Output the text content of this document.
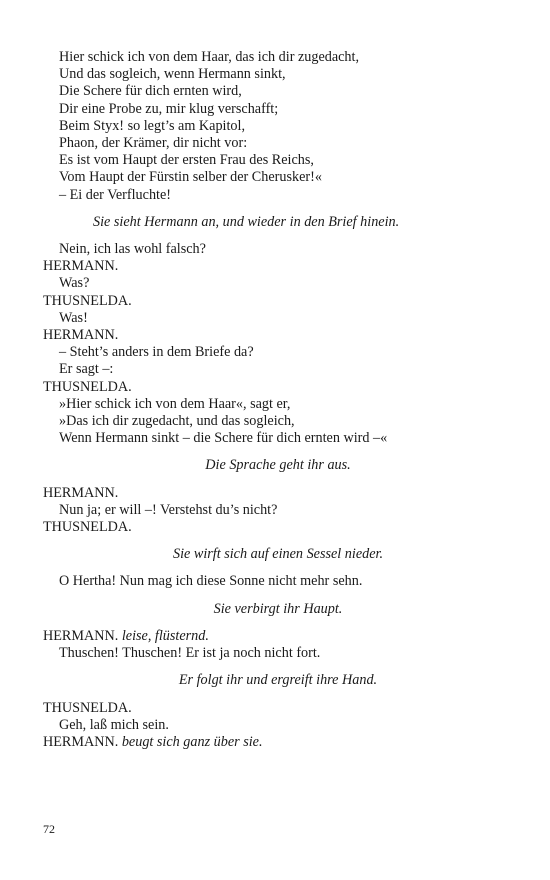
Hier schick ich von dem Haar, das ich dir zugedacht,

Und das sogleich, wenn Hermann sinkt,

Die Schere für dich ernten wird,

Dir eine Probe zu, mir klug verschafft;

Beim Styx! so legt’s am Kapitol,

Phaon, der Krämer, dir nicht vor:

Es ist vom Haupt der ersten Frau des Reichs,

Vom Haupt der Fürstin selber der Cherusker!«

– Ei der Verfluchte!

Sie sieht Hermann an, und wieder in den Brief hinein.

Nein, ich las wohl falsch?

HERMANN.

Was?

THUSNELDA.

Was!

HERMANN.

– Steht’s anders in dem Briefe da?

Er sagt –:

THUSNELDA.

»Hier schick ich von dem Haar«, sagt er,

»Das ich dir zugedacht, und das sogleich,

Wenn Hermann sinkt – die Schere für dich ernten wird –«

Die Sprache geht ihr aus.

HERMANN.

Nun ja; er will –! Verstehst du’s nicht?

THUSNELDA.

Sie wirft sich auf einen Sessel nieder.

O Hertha! Nun mag ich diese Sonne nicht mehr sehn.

Sie verbirgt ihr Haupt.

HERMANN. leise, flüsternd.

Thuschen! Thuschen! Er ist ja noch nicht fort.

Er folgt ihr und ergreift ihre Hand.

THUSNELDA.

Geh, laß mich sein.

HERMANN. beugt sich ganz über sie.

72
